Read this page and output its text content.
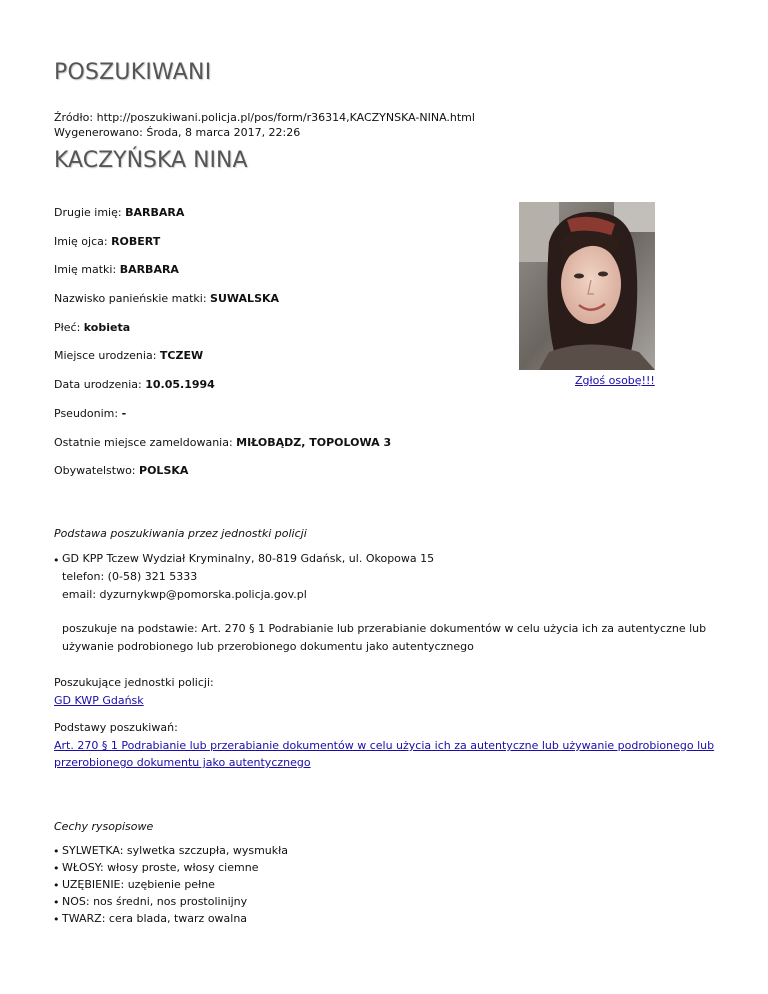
POSZUKIWANI
Źródło: http://poszukiwani.policja.pl/pos/form/r36314,KACZYNSKA-NINA.html
Wygenerowano: Środa, 8 marca 2017, 22:26
KACZYŃSKA NINA
Drugie imię: BARBARA
Imię ojca: ROBERT
Imię matki: BARBARA
Nazwisko panieńskie matki: SUWALSKA
Płeć: kobieta
Miejsce urodzenia: TCZEW
Data urodzenia: 10.05.1994
Pseudonim: -
Ostatnie miejsce zameldowania: MIŁOBĄDZ, TOPOLOWA 3
Obywatelstwo: POLSKA
Zgłoś osobę!!!
Podstawa poszukiwania przez jednostki policji
• GD KPP Tczew Wydział Kryminalny, 80-819 Gdańsk, ul. Okopowa 15
telefon: (0-58) 321 5333
email: dyzurnykwp@pomorska.policja.gov.pl
poszukuje na podstawie: Art. 270 § 1 Podrabianie lub przerabianie dokumentów w celu użycia ich za autentyczne lub
używanie podrobionego lub przerobionego dokumentu jako autentycznego
Poszukujące jednostki policji:
GD KWP Gdańsk
Podstawy poszukiwań:
Art. 270 § 1 Podrabianie lub przerabianie dokumentów w celu użycia ich za autentyczne lub używanie podrobionego lub
przerobionego dokumentu jako autentycznego
Cechy rysopisowe
• SYLWETKA: sylwetka szczupła, wysmukła
• WŁOSY: włosy proste, włosy ciemne
• UZĘBIENIE: uzębienie pełne
• NOS: nos średni, nos prostolinijny
• TWARZ: cera blada, twarz owalna
